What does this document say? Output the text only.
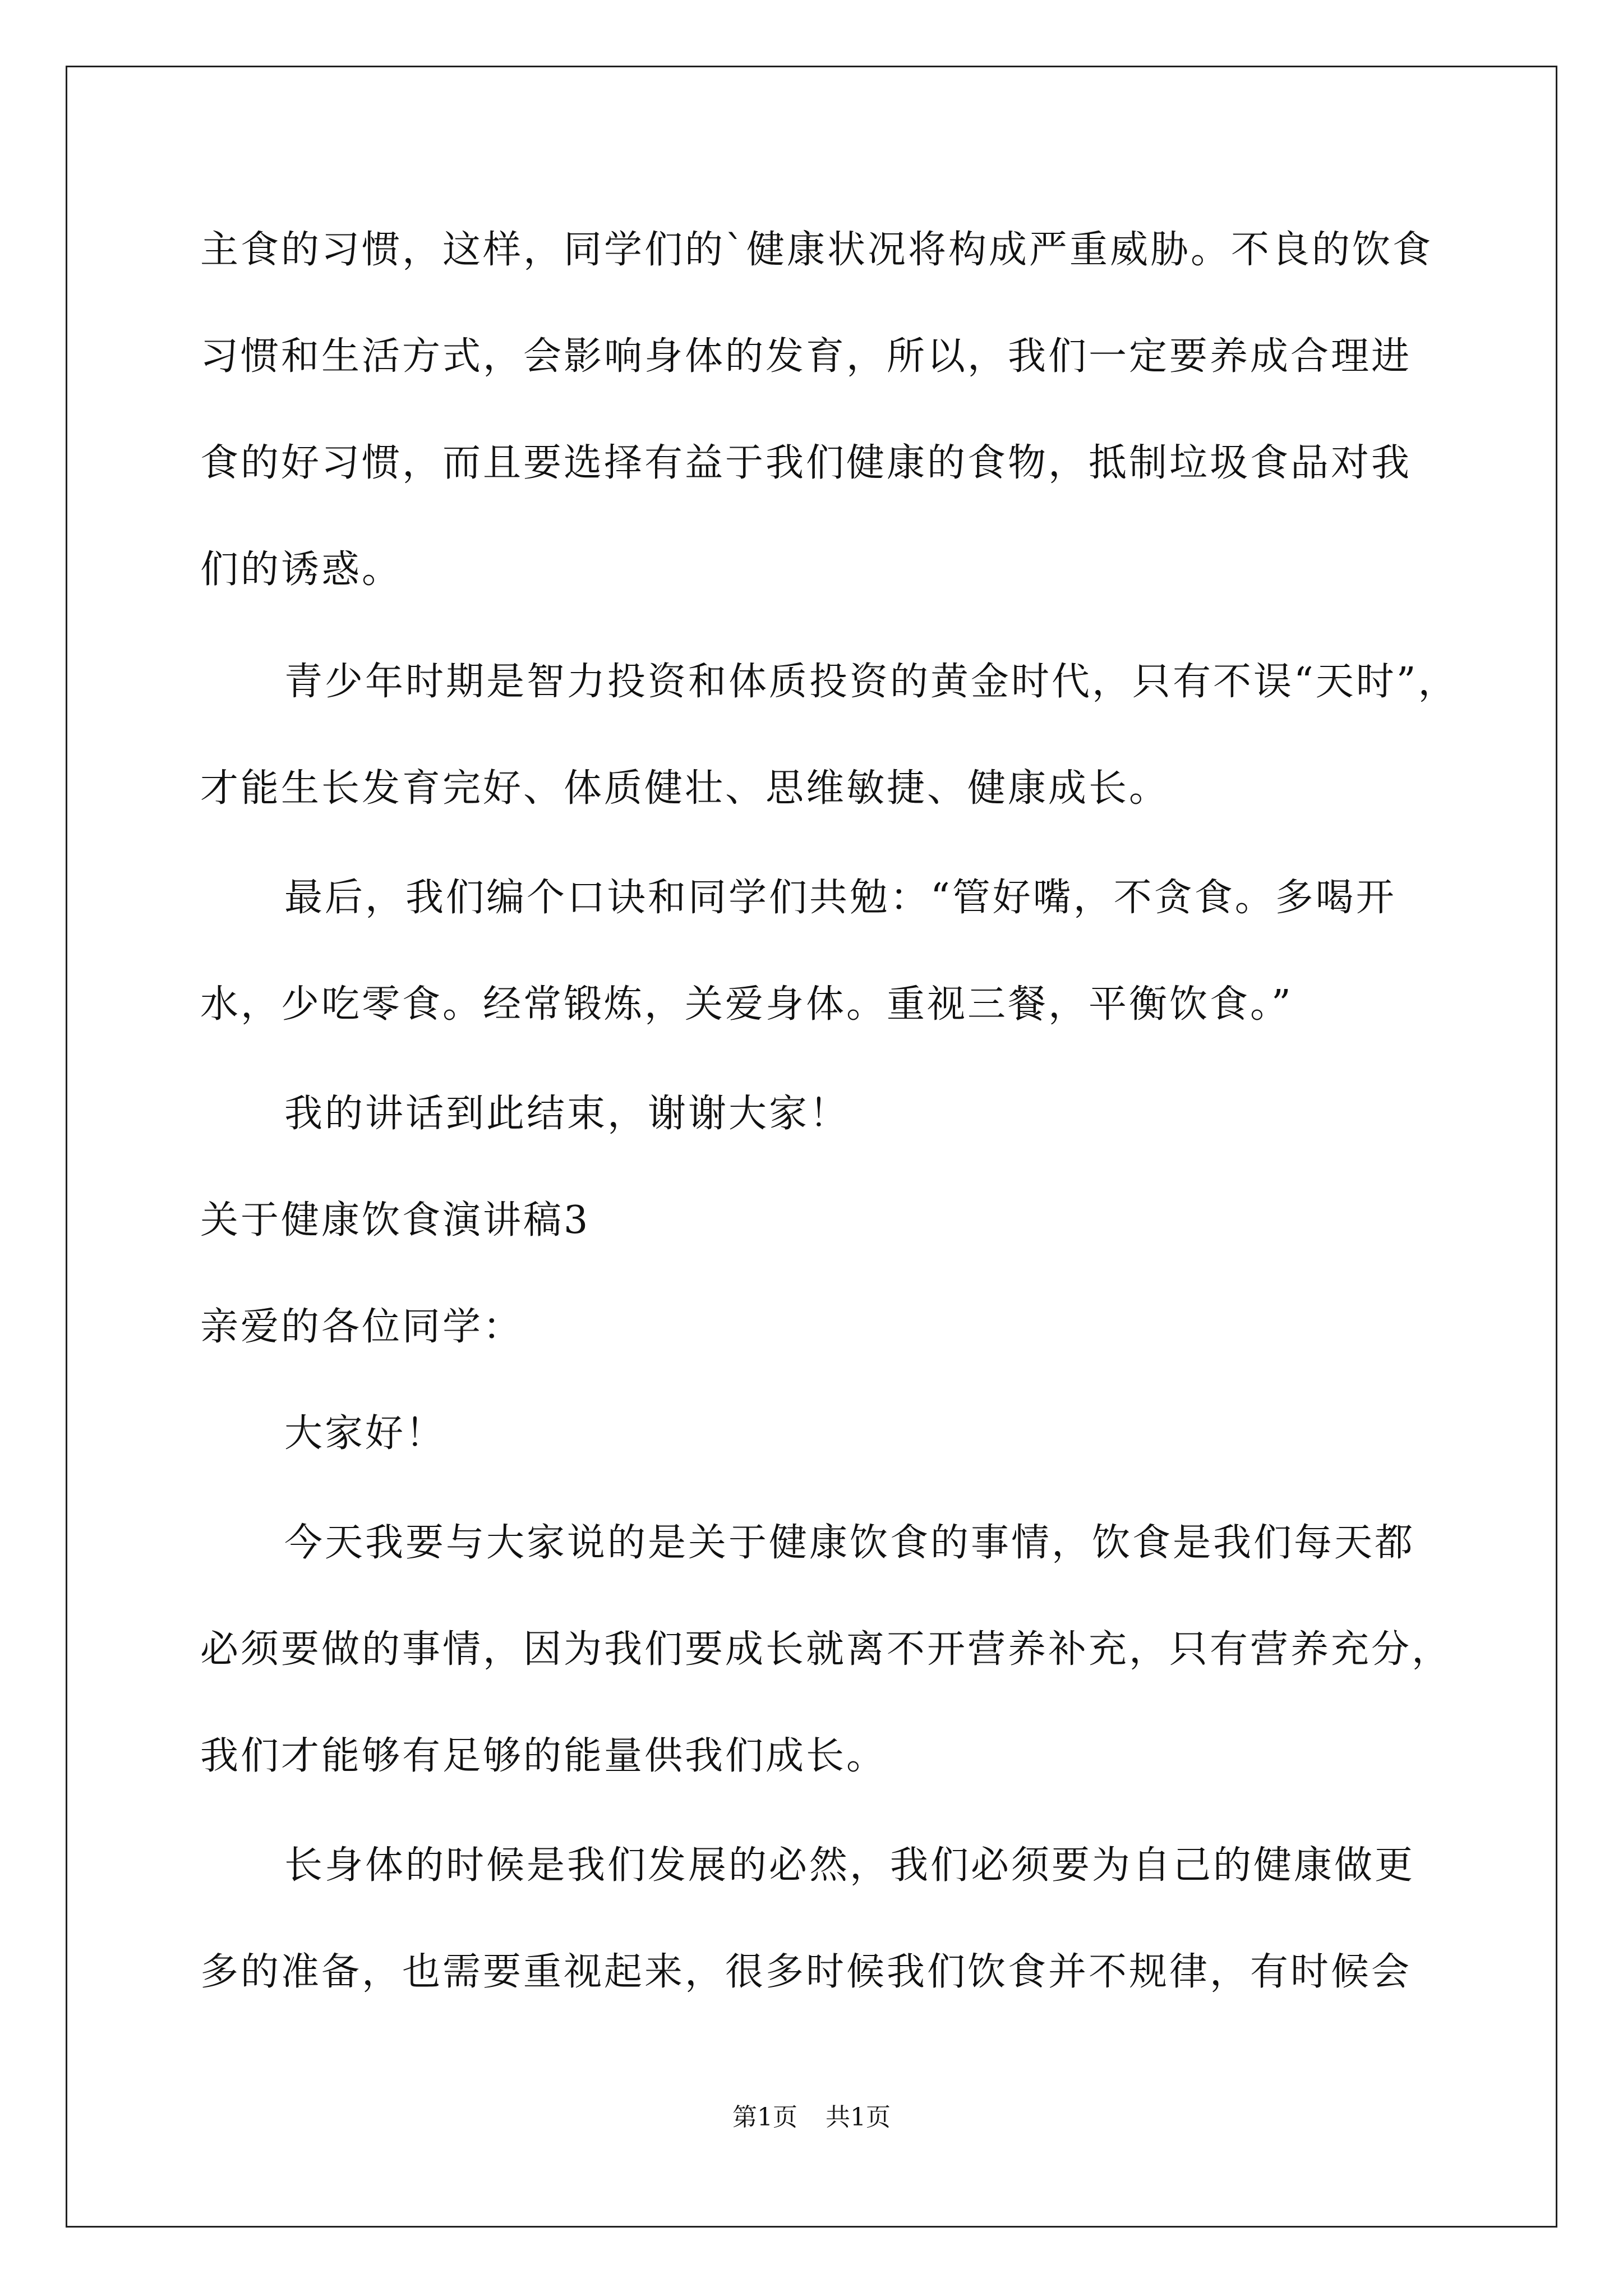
主食的习惯，这样，同学们的`健康状况将构成严重威胁。不良的饮食
习惯和生活方式，会影响身体的发育，所以，我们一定要养成合理进
食的好习惯，而且要选择有益于我们健康的食物，抵制垃圾食品对我
们的诱惑。
青少年时期是智力投资和体质投资的黄金时代，只有不误“天时”，
才能生长发育完好、体质健壮、思维敏捷、健康成长。
最后，我们编个口诀和同学们共勉：“管好嘴，不贪食。多喝开
水，少吃零食。经常锻炼，关爱身体。重视三餐，平衡饮食。”
我的讲话到此结束，谢谢大家！
关于健康饮食演讲稿3
亲爱的各位同学：
大家好！
今天我要与大家说的是关于健康饮食的事情，饮食是我们每天都
必须要做的事情，因为我们要成长就离不开营养补充，只有营养充分，
我们才能够有足够的能量供我们成长。
长身体的时候是我们发展的必然，我们必须要为自己的健康做更
多的准备，也需要重视起来，很多时候我们饮食并不规律，有时候会
第1页 共1页
